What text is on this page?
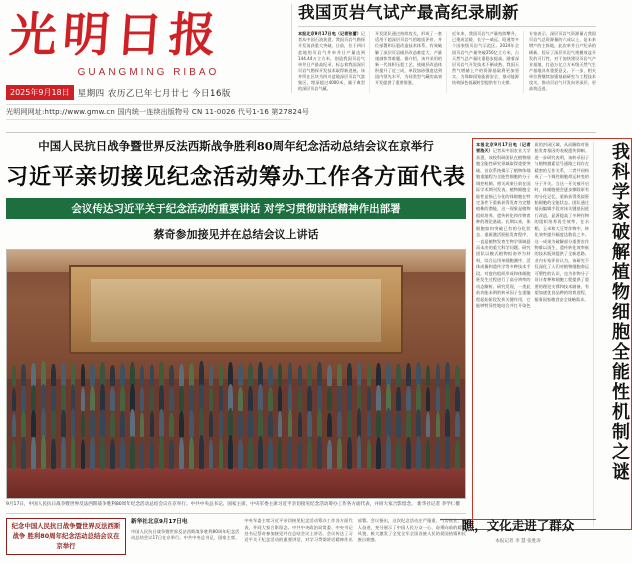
光明日报
GUANGMING RIBAO
2025年9月18日 星期四 农历乙巳年七月廿七 今日16版
光明网网址:http://www.gmw.cn 国内统一连续出版物号 CN 11-0026 代号1-16 第27824号
我国页岩气试产最高纪录刷新
本报北京9月17日电（记者张蕾）记者从中国石油获悉，我国页岩气勘探开发再获重大突破。日前，位于四川盆地的页岩气井单井日产量达到144.44万立方米，创造我国页岩气单井日产最高纪录，标志着我国深层页岩气勘探开发技术取得新进展。该井所在区块为四川盆地深层页岩气富集区，埋深超过4000米，属于典型的深层页岩气藏。
开发团队通过持续攻关，形成了一套适用于超深层页岩气的地质评价、井位部署和压裂改造技术体系，有效破解了深层页岩储层改造难度大、产量递减快等难题。据介绍，该井采用的新一代体积压裂工艺，使储层改造体积提升了近三成，单段加砂强度达到国内领先水平，为同类型气藏的高效开发提供了重要借鉴。
近年来，我国页岩气产量持续攀升，已建成涪陵、长宁—威远、昭通等多个国家级页岩气示范区。2024年全国页岩气产量突破250亿立方米，占天然气总产量比重稳步提高。随着深层页岩气开发技术不断成熟，我国天然气增储上产的资源基础将更加坚实，为保障国家能源安全、推动能源结构绿色低碳转型提供有力支撑。
专家表示，深层页岩气资源量占我国页岩气总资源量的六成以上，是未来增产的主阵地。此次单井日产纪录的刷新，验证了深层页岩气规模效益开发的可行性，对于加快建设页岩气产业基地、打造万亿立方米级天然气生产基地具有重要意义。下一步，相关单位将继续加强基础研究与工程技术攻关，推动页岩气开发向更深层、更高效迈进。
中国人民抗日战争暨世界反法西斯战争胜利80周年纪念活动总结会议在京举行
习近平亲切接见纪念活动筹办工作各方面代表
会议传达习近平关于纪念活动的重要讲话 对学习贯彻讲话精神作出部署
蔡奇参加接见并在总结会议上讲话
9月17日，中国人民抗日战争暨世界反法西斯战争胜利80周年纪念活动总结会议在京举行。中共中央总书记、国家主席、中央军委主席习近平亲切接见纪念活动筹办工作各方面代表，并同大家合影留念。 新华社记者 李学仁摄
纪念中国人民抗日战争暨世界反法西斯战争 胜利80周年纪念活动总结会议在京举行
新华社北京9月17日电
中国人民抗日战争暨世界反法西斯战争胜利80周年纪念活动总结会议17日在京举行。中共中央总书记、国家主席、中央军委主席习近平亲切接见纪念活动筹办工作各方面代表，并同大家合影留念。中共中央政治局常委、中央书记处书记蔡奇参加接见并在总结会议上讲话。会议传达了习近平关于纪念活动的重要讲话，对学习贯彻讲话精神作出部署。会议指出，这次纪念活动庄严隆重、气势恢宏、催人奋进，充分展示了中国人民万众一心、奋勇向前的精神风貌，极大激发了全党全军全国各族人民的爱国热情和民族自豪感。
本报北京9月17日电（记者 晋浩天）记者从中国农业大学获悉，该校科研团队在植物细胞全能性研究领域取得重要突破，首次系统揭示了植物体细胞重编程为全能性细胞的分子调控机制，相关成果日前在国际学术期刊发表。植物细胞全能性是指已分化的体细胞在特定条件下重新获得发育为完整植株的潜能，这一现象是植物组织培养、遗传转化和作物育种的理论基础。长期以来，体细胞如何突破已有的分化状态、重新激活胚胎发育程序，一直是植物发育生物学领域悬而未决的重大科学问题。研究团队以模式植物拟南芥为材料，综合运用单细胞测序、活体成像和遗传学等多种技术手段，对愈伤组织形成和体细胞胚发生过程进行了高分辨率的动态解析。研究发现，一类此前功能未明的转录因子在重编程起始阶段发挥关键作用，它能够特异性地结合并打开染色质的封闭区域，从而解除对胚胎发育基因的表观遗传抑制。进一步研究表明，该转录因子与植物激素信号通路之间存在精密的互作关系，二者共同构成了一个调控细胞命运转变的分子开关。当这一开关被开启时，体细胞便会逐步擦除原有的分化记忆，重新获得类似胚胎细胞的全能状态。团队通过基因编辑手段对该关键基因进行改造，显著提高了多种作物的组织培养再生效率，在水稻、玉米和大豆等作物中，转化效率提升幅度达数倍之多。这一成果为破解部分重要农作物难以再生、遗传转化效率低的技术瓶颈提供了全新思路。业内专家评价认为，该研究不仅深化了人们对植物细胞命运可塑性的认识，也为作物分子设计育种和细胞工程提供了重要的理论支撑和技术储备，有望加速优良品种的培育进程，服务国家粮食安全战略需求。	我科学家破解植物细胞全能性机制之谜
瞧，文化走进了群众
本报记者 李 慧 张胜涛
